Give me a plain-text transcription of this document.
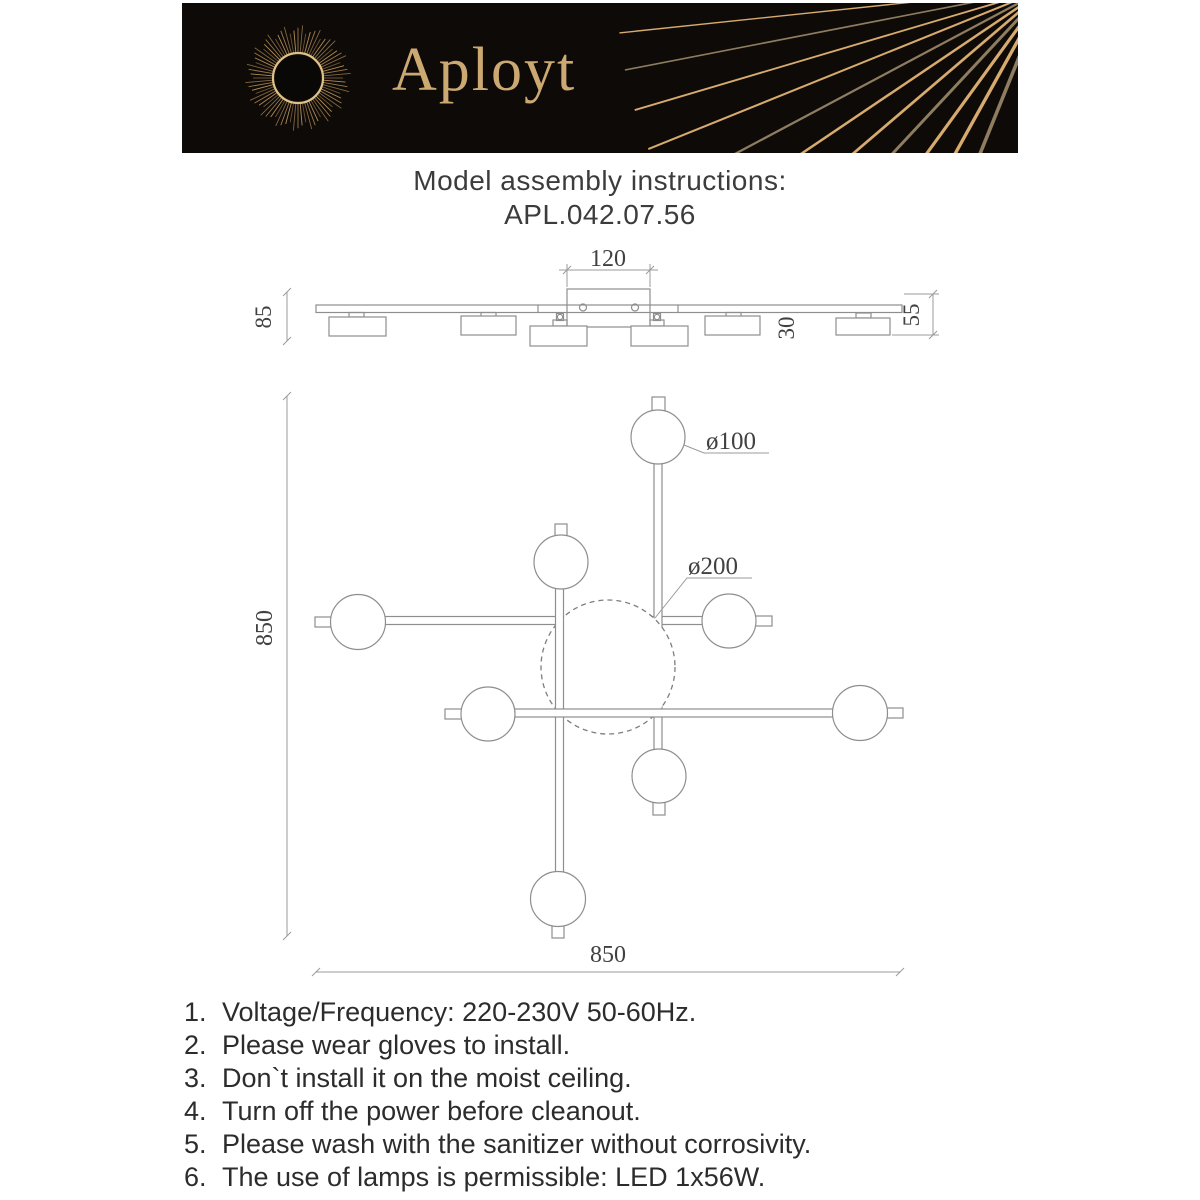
Aployt
Model assembly instructions:
APL.042.07.56
120
85	55
30
850
850
ø100
ø200
1. Voltage/Frequency: 220-230V 50-60Hz.
2. Please wear gloves to install.
3. Don`t install it on the moist ceiling.
4. Turn off the power before cleanout.
5. Please wash with the sanitizer without corrosivity.
6. The use of lamps is permissible: LED 1x56W.
